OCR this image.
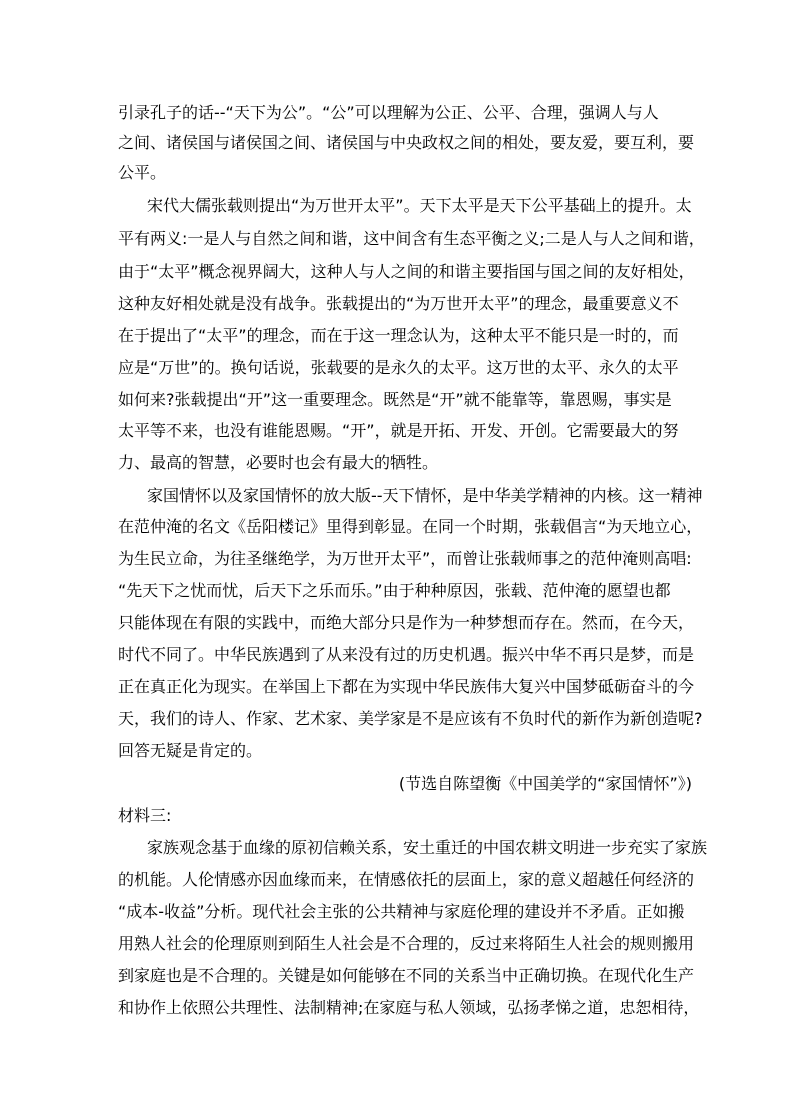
引录孔子的话--“天下为公”。“公”可以理解为公正、公平、合理，强调人与人
之间、诸侯国与诸侯国之间、诸侯国与中央政权之间的相处，要友爱，要互利，要
公平。
宋代大儒张载则提出“为万世开太平”。天下太平是天下公平基础上的提升。太
平有两义:一是人与自然之间和谐，这中间含有生态平衡之义;二是人与人之间和谐，
由于“太平”概念视界阔大，这种人与人之间的和谐主要指国与国之间的友好相处，
这种友好相处就是没有战争。张载提出的“为万世开太平”的理念，最重要意义不
在于提出了“太平”的理念，而在于这一理念认为，这种太平不能只是一时的，而
应是“万世”的。换句话说，张载要的是永久的太平。这万世的太平、永久的太平
如何来?张载提出“开”这一重要理念。既然是“开”就不能靠等，靠恩赐，事实是
太平等不来，也没有谁能恩赐。“开”，就是开拓、开发、开创。它需要最大的努
力、最高的智慧，必要时也会有最大的牺牲。
家国情怀以及家国情怀的放大版--天下情怀，是中华美学精神的内核。这一精神
在范仲淹的名文《岳阳楼记》里得到彰显。在同一个时期，张载倡言“为天地立心，
为生民立命，为往圣继绝学，为万世开太平”，而曾让张载师事之的范仲淹则高唱:
“先天下之忧而忧，后天下之乐而乐。”由于种种原因，张载、范仲淹的愿望也都
只能体现在有限的实践中，而绝大部分只是作为一种梦想而存在。然而，在今天，
时代不同了。中华民族遇到了从来没有过的历史机遇。振兴中华不再只是梦，而是
正在真正化为现实。在举国上下都在为实现中华民族伟大复兴中国梦砥砺奋斗的今
天，我们的诗人、作家、艺术家、美学家是不是应该有不负时代的新作为新创造呢?
回答无疑是肯定的。
(节选自陈望衡《中国美学的“家国情怀”》)
材料三:
家族观念基于血缘的原初信赖关系，安土重迁的中国农耕文明进一步充实了家族
的机能。人伦情感亦因血缘而来，在情感依托的层面上，家的意义超越任何经济的
“成本-收益”分析。现代社会主张的公共精神与家庭伦理的建设并不矛盾。正如搬
用熟人社会的伦理原则到陌生人社会是不合理的，反过来将陌生人社会的规则搬用
到家庭也是不合理的。关键是如何能够在不同的关系当中正确切换。在现代化生产
和协作上依照公共理性、法制精神;在家庭与私人领域，弘扬孝悌之道，忠恕相待，
